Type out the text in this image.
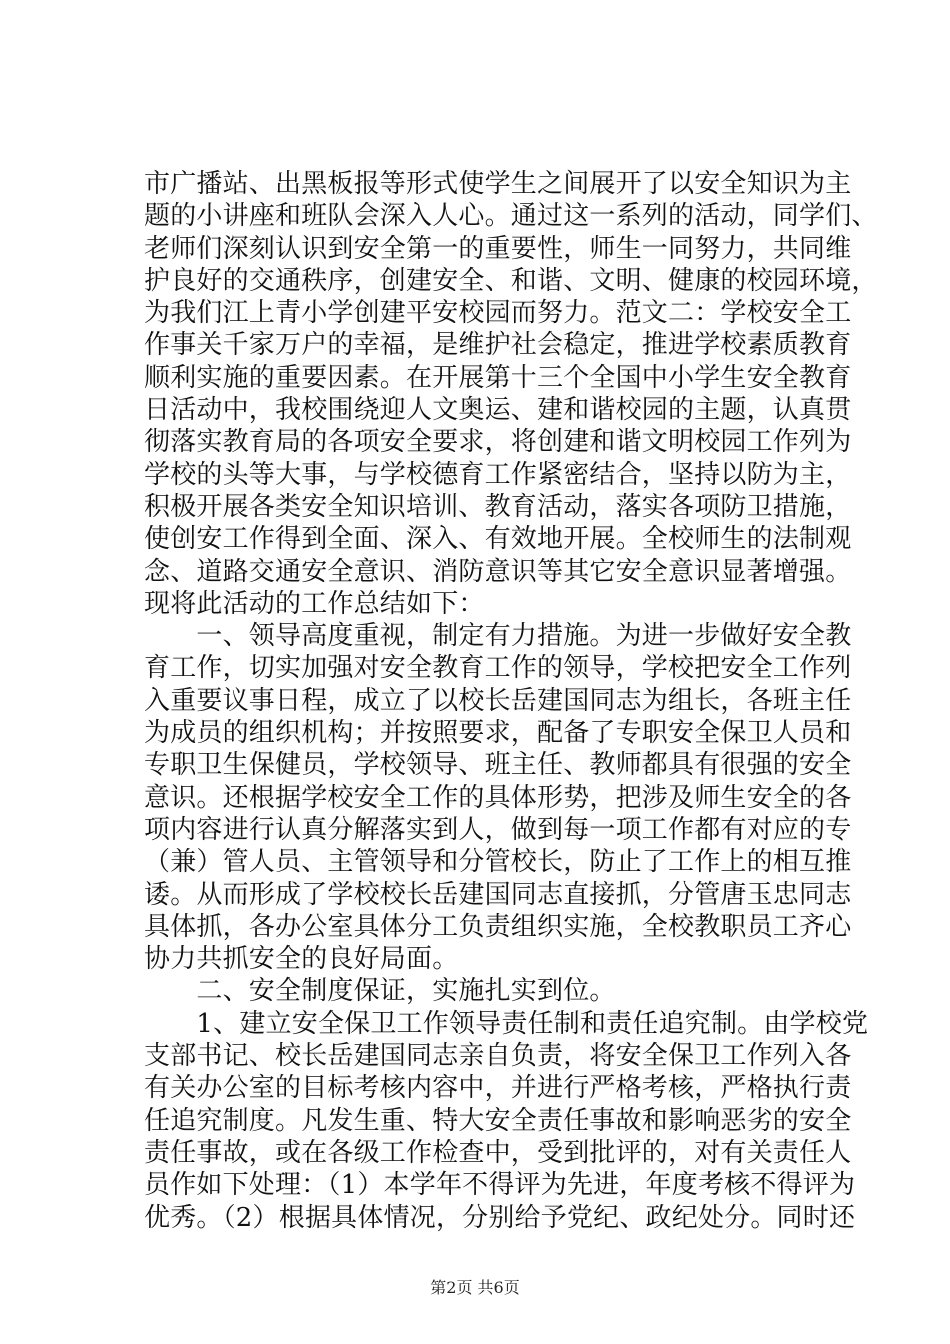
市广播站、出黑板报等形式使学生之间展开了以安全知识为主
题的小讲座和班队会深入人心。通过这一系列的活动，同学们、
老师们深刻认识到安全第一的重要性，师生一同努力，共同维
护良好的交通秩序，创建安全、和谐、文明、健康的校园环境，
为我们江上青小学创建平安校园而努力。范文二：学校安全工
作事关千家万户的幸福，是维护社会稳定，推进学校素质教育
顺利实施的重要因素。在开展第十三个全国中小学生安全教育
日活动中，我校围绕迎人文奥运、建和谐校园的主题，认真贯
彻落实教育局的各项安全要求，将创建和谐文明校园工作列为
学校的头等大事，与学校德育工作紧密结合，坚持以防为主，
积极开展各类安全知识培训、教育活动，落实各项防卫措施，
使创安工作得到全面、深入、有效地开展。全校师生的法制观
念、道路交通安全意识、消防意识等其它安全意识显著增强。
现将此活动的工作总结如下：
　　一、领导高度重视，制定有力措施。为进一步做好安全教
育工作，切实加强对安全教育工作的领导，学校把安全工作列
入重要议事日程，成立了以校长岳建国同志为组长，各班主任
为成员的组织机构；并按照要求，配备了专职安全保卫人员和
专职卫生保健员，学校领导、班主任、教师都具有很强的安全
意识。还根据学校安全工作的具体形势，把涉及师生安全的各
项内容进行认真分解落实到人，做到每一项工作都有对应的专
（兼）管人员、主管领导和分管校长，防止了工作上的相互推
诿。从而形成了学校校长岳建国同志直接抓，分管唐玉忠同志
具体抓，各办公室具体分工负责组织实施，全校教职员工齐心
协力共抓安全的良好局面。
　　二、安全制度保证，实施扎实到位。
　　1、建立安全保卫工作领导责任制和责任追究制。由学校党
支部书记、校长岳建国同志亲自负责，将安全保卫工作列入各
有关办公室的目标考核内容中，并进行严格考核，严格执行责
任追究制度。凡发生重、特大安全责任事故和影响恶劣的安全
责任事故，或在各级工作检查中，受到批评的，对有关责任人
员作如下处理：（1）本学年不得评为先进，年度考核不得评为
优秀。（2）根据具体情况，分别给予党纪、政纪处分。同时还
第2页 共6页
